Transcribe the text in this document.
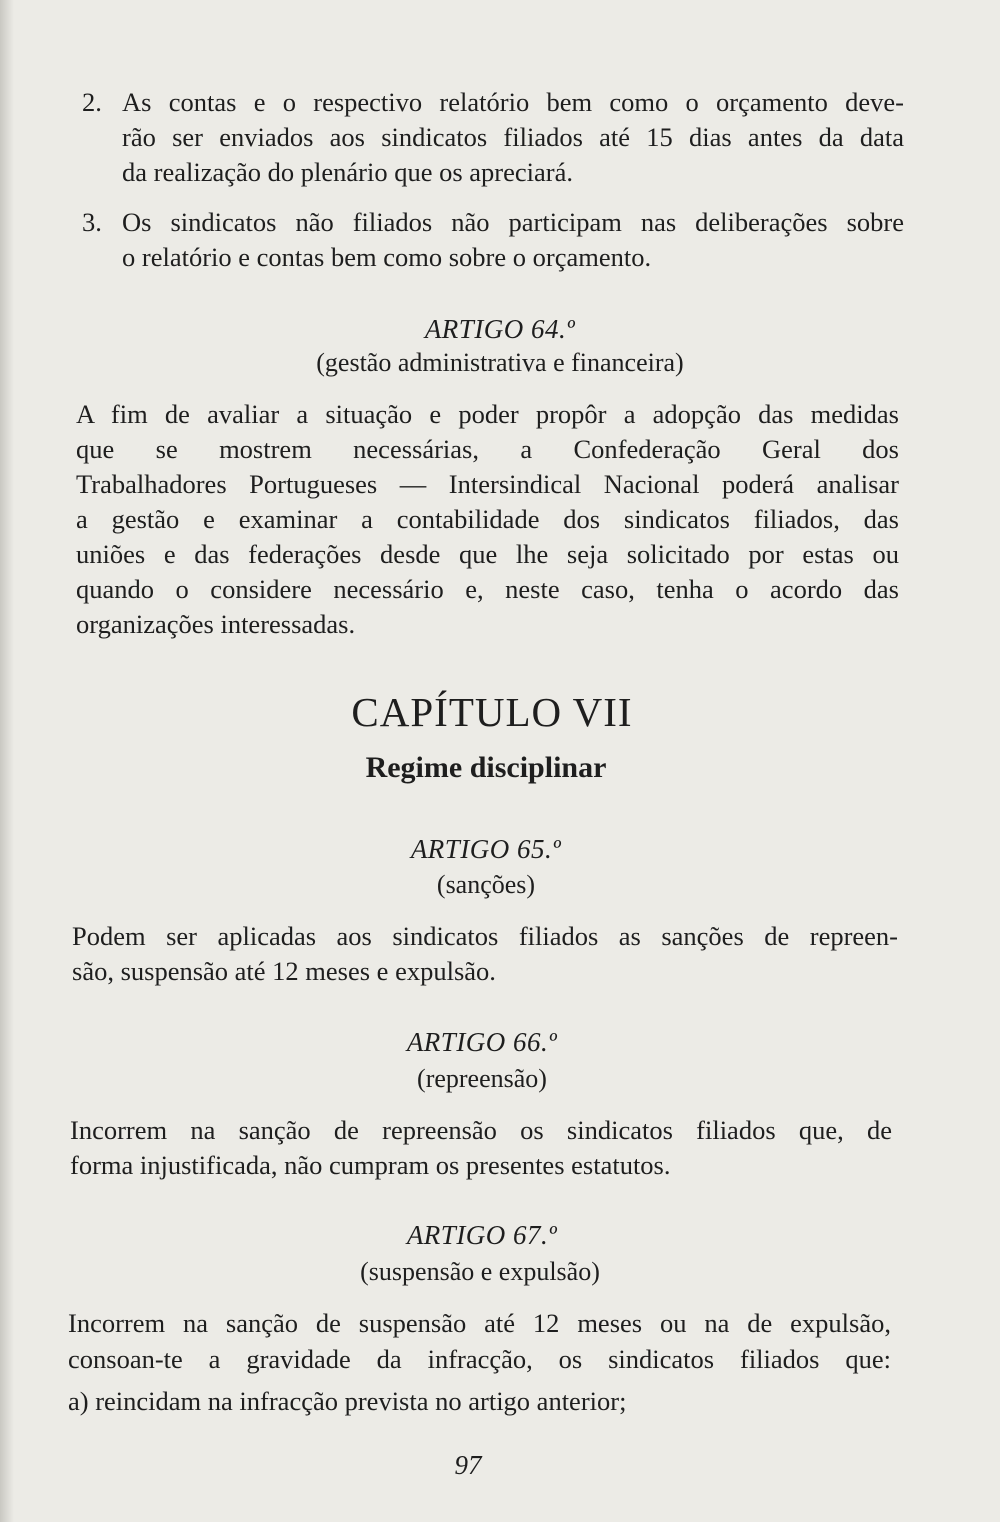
2. As contas e o respectivo relatório bem como o orçamento deve-
rão ser enviados aos sindicatos filiados até 15 dias antes da data
da realização do plenário que os apreciará.
3. Os sindicatos não filiados não participam nas deliberações sobre
o relatório e contas bem como sobre o orçamento.
ARTIGO 64.º
(gestão administrativa e financeira)
A fim de avaliar a situação e poder propôr a adopção das medidas
que se mostrem necessárias, a Confederação Geral dos
Trabalhadores Portugueses — Intersindical Nacional poderá analisar
a gestão e examinar a contabilidade dos sindicatos filiados, das
uniões e das federações desde que lhe seja solicitado por estas ou
quando o considere necessário e, neste caso, tenha o acordo das
organizações interessadas.
CAPÍTULO VII
Regime disciplinar
ARTIGO 65.º
(sanções)
Podem ser aplicadas aos sindicatos filiados as sanções de repreen-
são, suspensão até 12 meses e expulsão.
ARTIGO 66.º
(repreensão)
Incorrem na sanção de repreensão os sindicatos filiados que, de
forma injustificada, não cumpram os presentes estatutos.
ARTIGO 67.º
(suspensão e expulsão)
Incorrem na sanção de suspensão até 12 meses ou na de expulsão,
consoan-te a gravidade da infracção, os sindicatos filiados que:
a) reincidam na infracção prevista no artigo anterior;
97
